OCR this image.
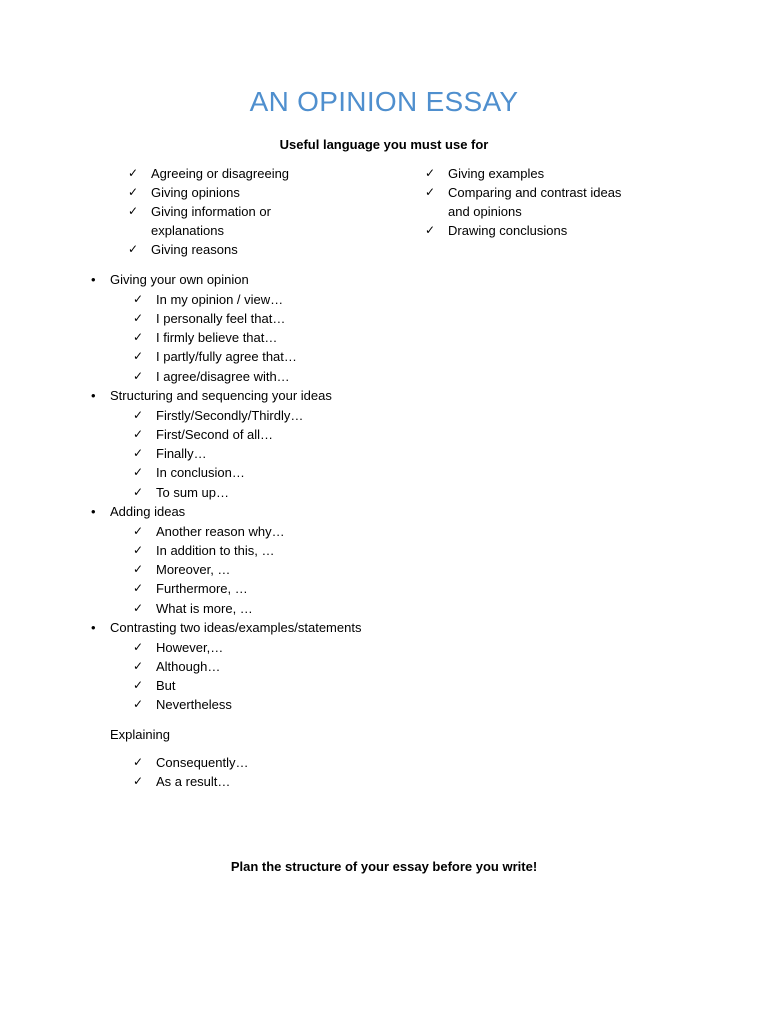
AN OPINION ESSAY
Useful language you must use for
✓ Agreeing or disagreeing
✓ Giving opinions
✓ Giving information or
explanations
✓ Giving reasons
✓ Giving examples
✓ Comparing and contrast ideas
and opinions
✓ Drawing conclusions
• Giving your own opinion
✓ In my opinion / view…
✓ I personally feel that…
✓ I firmly believe that…
✓ I partly/fully agree that…
✓ I agree/disagree with…
• Structuring and sequencing your ideas
✓ Firstly/Secondly/Thirdly…
✓ First/Second of all…
✓ Finally…
✓ In conclusion…
✓ To sum up…
• Adding ideas
✓ Another reason why…
✓ In addition to this, …
✓ Moreover, …
✓ Furthermore, …
✓ What is more, …
• Contrasting two ideas/examples/statements
✓ However,…
✓ Although…
✓ But
✓ Nevertheless
Explaining
✓ Consequently…
✓ As a result…
Plan the structure of your essay before you write!
